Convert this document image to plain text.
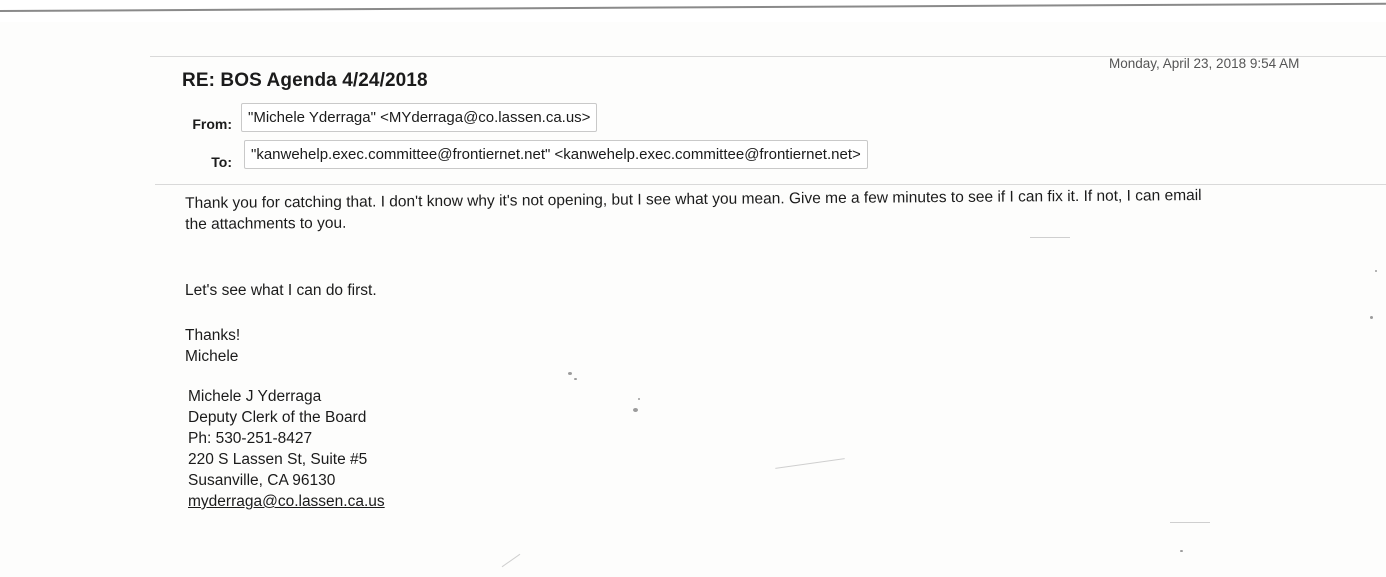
RE: BOS Agenda 4/24/2018
Monday, April 23, 2018 9:54 AM
From:	"Michele Yderraga" <MYderraga@co.lassen.ca.us>
To:	"kanwehelp.exec.committee@frontiernet.net" <kanwehelp.exec.committee@frontiernet.net>
Thank you for catching that. I don't know why it's not opening, but I see what you mean. Give me a few minutes to see if I can fix it. If not, I can email
the attachments to you.
Let's see what I can do first.
Thanks!
Michele
Michele J Yderraga
Deputy Clerk of the Board
Ph: 530-251-8427
220 S Lassen St, Suite #5
Susanville, CA 96130
myderraga@co.lassen.ca.us
